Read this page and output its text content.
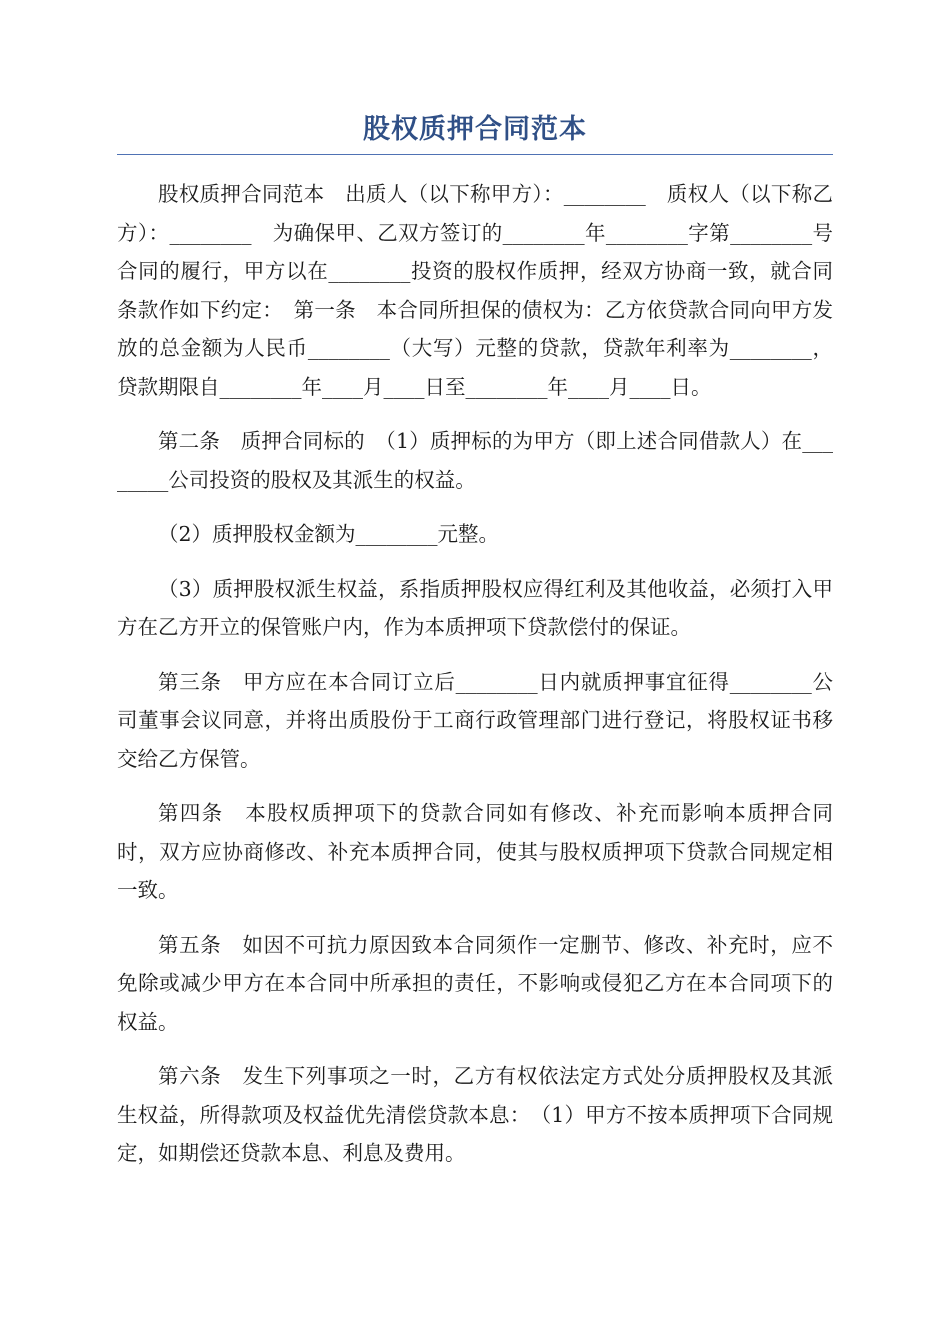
股权质押合同范本

股权质押合同范本　出质人（以下称甲方）：________　质权人（以下称乙方）：________　为确保甲、乙双方签订的________年________字第________号合同的履行，甲方以在________投资的股权作质押，经双方协商一致，就合同条款作如下约定：　第一条　本合同所担保的债权为：乙方依贷款合同向甲方发放的总金额为人民币________（大写）元整的贷款，贷款年利率为________，贷款期限自________年____月____日至________年____月____日。

第二条　质押合同标的　（1）质押标的为甲方（即上述合同借款人）在________公司投资的股权及其派生的权益。

（2）质押股权金额为________元整。

（3）质押股权派生权益，系指质押股权应得红利及其他收益，必须打入甲方在乙方开立的保管账户内，作为本质押项下贷款偿付的保证。

第三条　甲方应在本合同订立后________日内就质押事宜征得________公司董事会议同意，并将出质股份于工商行政管理部门进行登记，将股权证书移交给乙方保管。

第四条　本股权质押项下的贷款合同如有修改、补充而影响本质押合同时，双方应协商修改、补充本质押合同，使其与股权质押项下贷款合同规定相一致。

第五条　如因不可抗力原因致本合同须作一定删节、修改、补充时，应不免除或减少甲方在本合同中所承担的责任，不影响或侵犯乙方在本合同项下的权益。

第六条　发生下列事项之一时，乙方有权依法定方式处分质押股权及其派生权益，所得款项及权益优先清偿贷款本息：　（1）甲方不按本质押项下合同规定，如期偿还贷款本息、利息及费用。
